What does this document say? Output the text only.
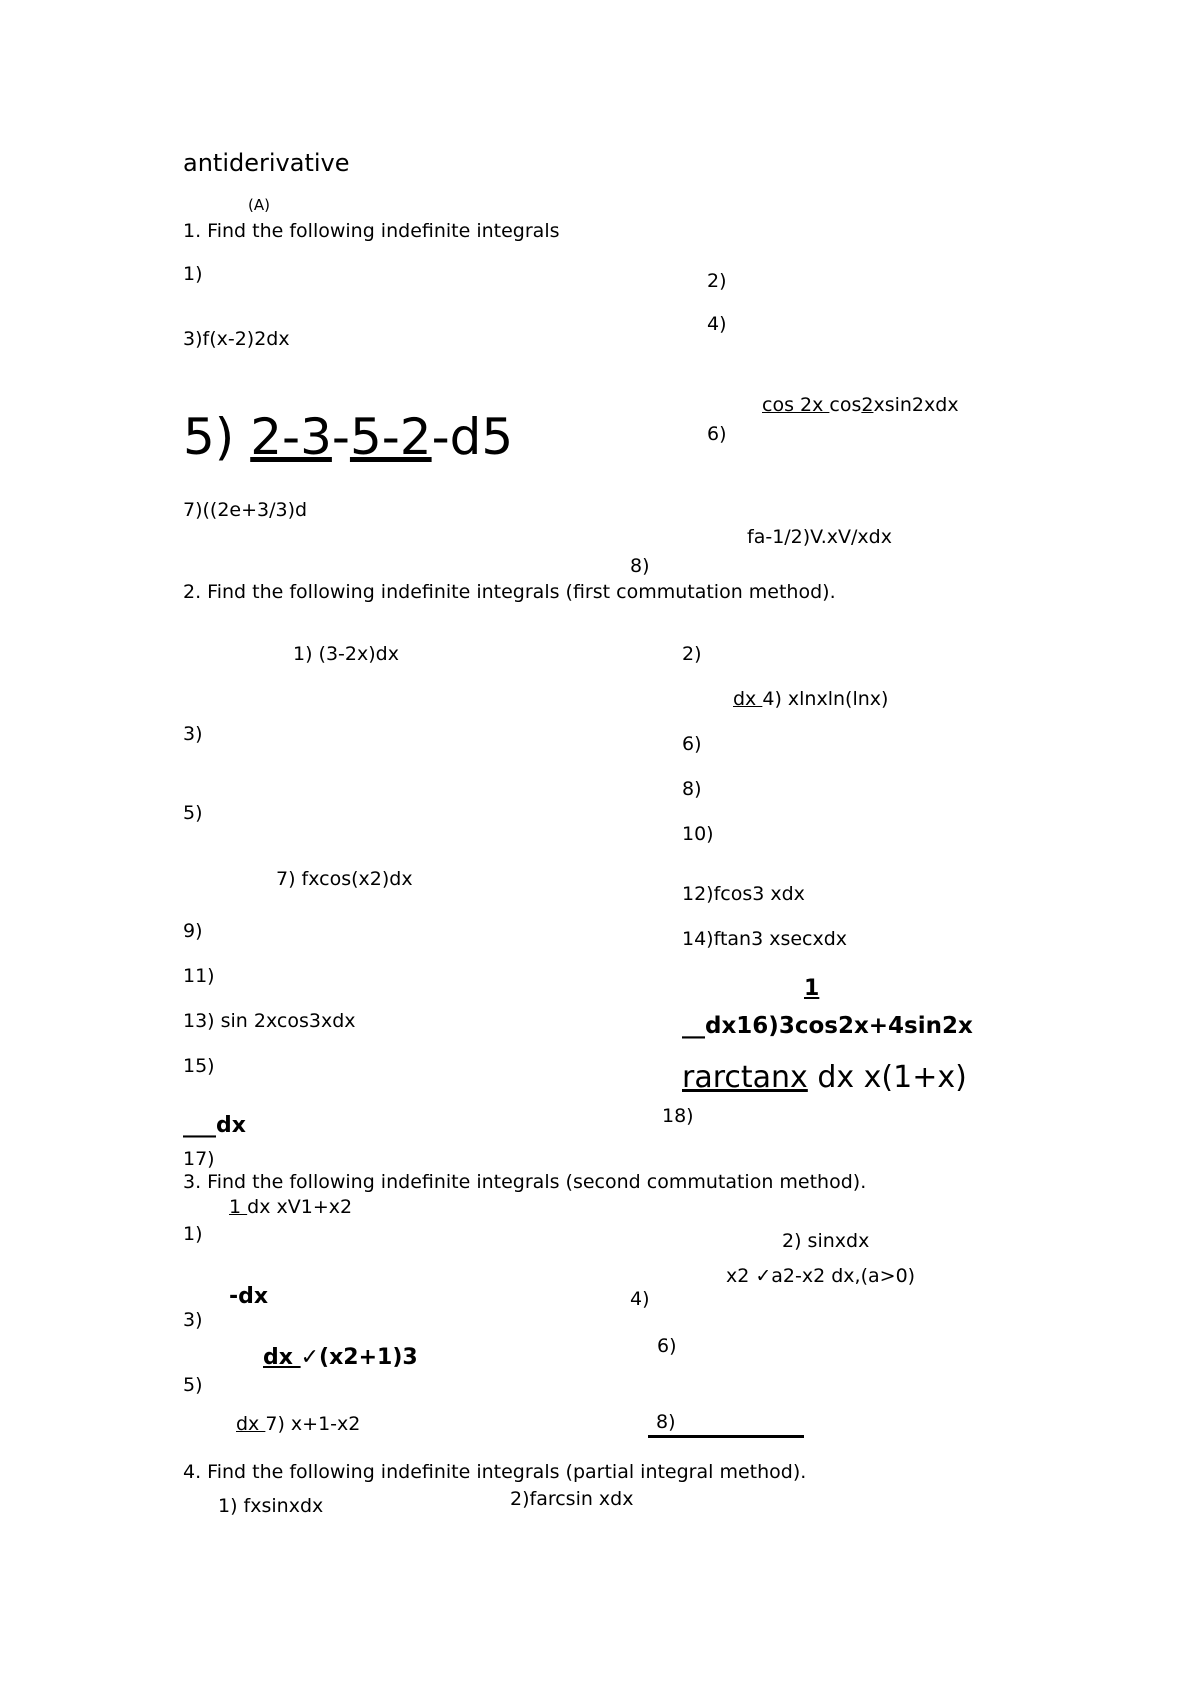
antiderivative
(A)
1. Find the following indefinite integrals
1)	2)
4)
3)f(x-2)2dx
cos 2x cos2xsin2xdx
5) 2-3-5-2-d5	6)
7)((2e+3/3)d
fa-1/2)V.xV/xdx
8)
2. Find the following indefinite integrals (first commutation method).
1) (3-2x)dx	2)
dx 4) xlnxln(lnx)
3)	6)
5)
8)
10)
7) fxcos(x2)dx
12)fcos3 xdx
9)	14)ftan3 xsecxdx
11)	1
__dx16)3cos2x+4sin2x
13) sin 2xcos3xdx
15)	rarctanx dx x(1+x)
18)
___dx
17)
3. Find the following indefinite integrals (second commutation method).
1 dx xV1+x2
1)	2) sinxdx
x2 ✓a2-x2 dx,(a>0)
-dx	4)
3)
6)
dx ✓(x2+1)3
5)
dx 7) x+1-x2	8)
4. Find the following indefinite integrals (partial integral method).
1) fxsinxdx	2)farcsin xdx
